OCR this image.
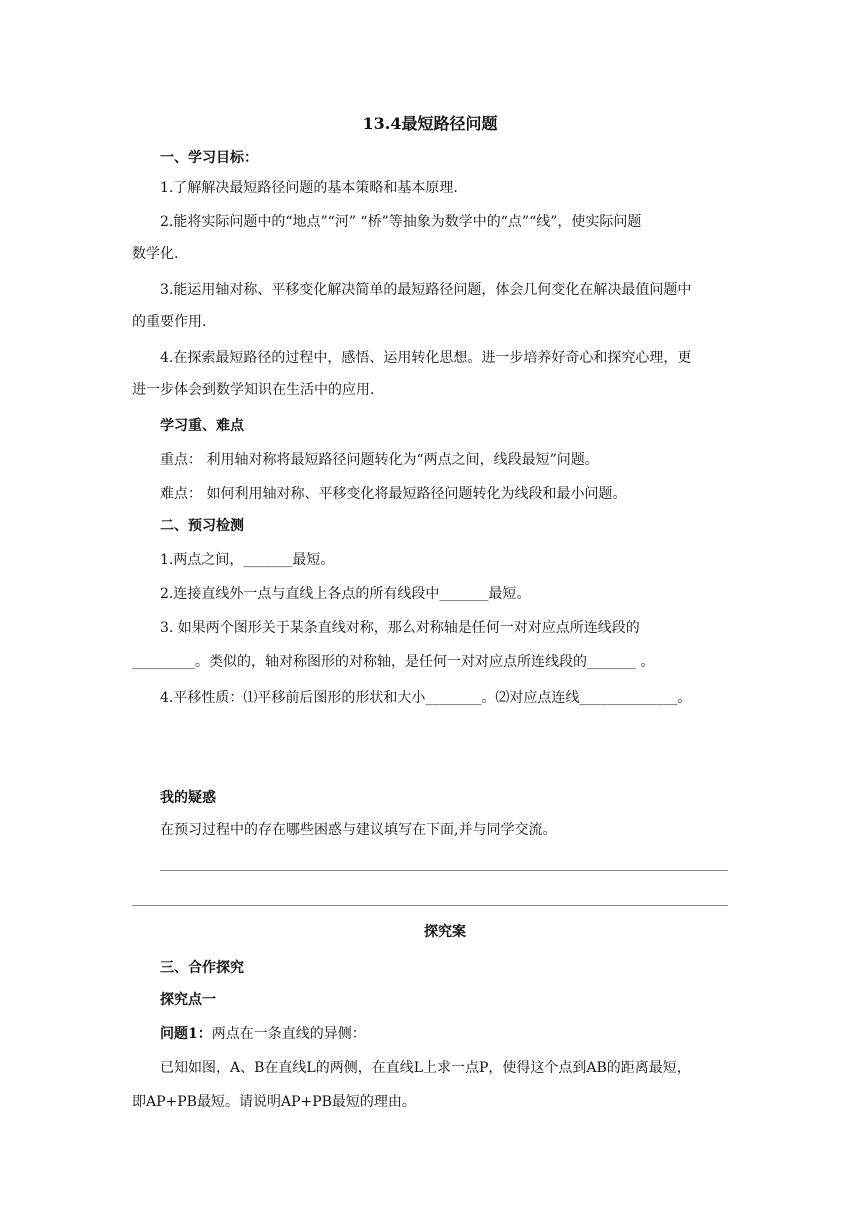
13.4最短路径问题
一、学习目标：
1.了解解决最短路径问题的基本策略和基本原理.
2.能将实际问题中的“地点”“河” “桥”等抽象为数学中的“点”“线”，使实际问题
数学化.
3.能运用轴对称、平移变化解决简单的最短路径问题，体会几何变化在解决最值问题中
的重要作用.
4.在探索最短路径的过程中，感悟、运用转化思想。进一步培养好奇心和探究心理，更
进一步体会到数学知识在生活中的应用.
学习重、难点
重点： 利用轴对称将最短路径问题转化为“两点之间，线段最短”问题。
难点： 如何利用轴对称、平移变化将最短路径问题转化为线段和最小问题。
二、预习检测
1.两点之间，_______最短。
2.连接直线外一点与直线上各点的所有线段中_______最短。
3. 如果两个图形关于某条直线对称，那么对称轴是任何一对对应点所连线段的
_________。类似的，轴对称图形的对称轴，是任何一对对应点所连线段的_______ 。
4.平移性质：⑴平移前后图形的形状和大小________。⑵对应点连线______________。
我的疑惑
在预习过程中的存在哪些困惑与建议填写在下面,并与同学交流。
探究案
三、合作探究
探究点一
问题1：两点在一条直线的异侧：
已知如图，A、B在直线L的两侧，在直线L上求一点P，使得这个点到AB的距离最短，
即AP+PB最短。请说明AP+PB最短的理由。
